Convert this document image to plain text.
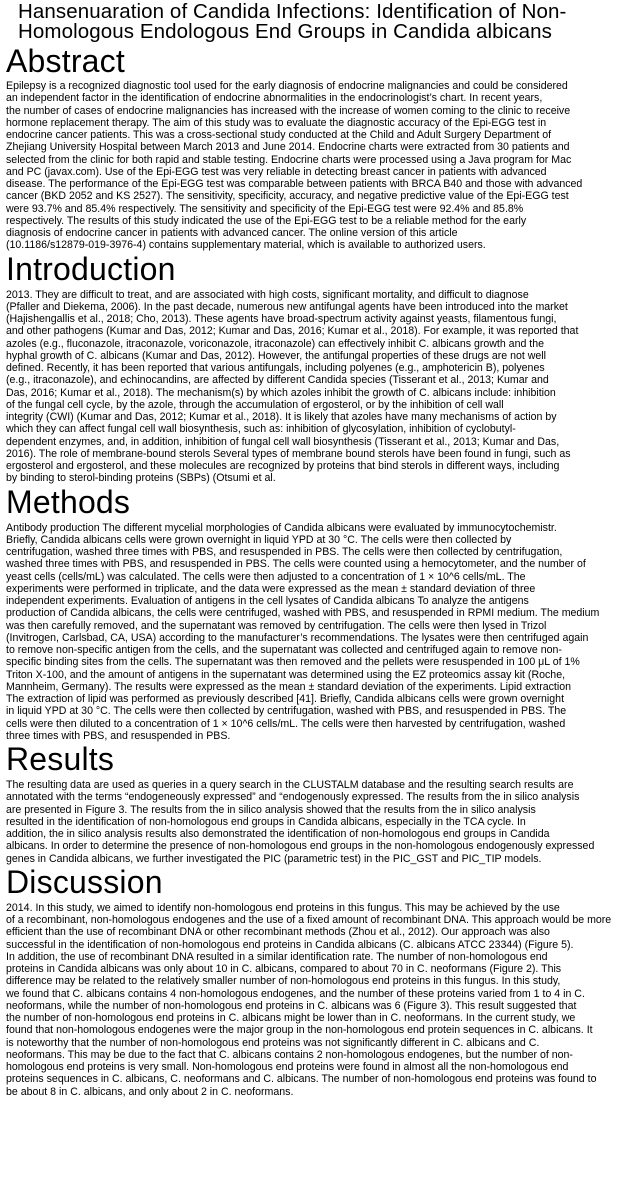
Hansenuaration of Candida Infections: Identification of Non-
Homologous Endologous End Groups in Candida albicans
Abstract

Epilepsy is a recognized diagnostic tool used for the early diagnosis of endocrine malignancies and could be considered
an independent factor in the identification of endocrine abnormalities in the endocrinologist’s chart. In recent years,
the number of cases of endocrine malignancies has increased with the increase of women coming to the clinic to receive
hormone replacement therapy. The aim of this study was to evaluate the diagnostic accuracy of the Epi-EGG test in
endocrine cancer patients. This was a cross-sectional study conducted at the Child and Adult Surgery Department of
Zhejiang University Hospital between March 2013 and June 2014. Endocrine charts were extracted from 30 patients and
selected from the clinic for both rapid and stable testing. Endocrine charts were processed using a Java program for Mac
and PC (javax.com). Use of the Epi-EGG test was very reliable in detecting breast cancer in patients with advanced
disease. The performance of the Epi-EGG test was comparable between patients with BRCA B40 and those with advanced
cancer (BKD 2052 and KS 2527). The sensitivity, specificity, accuracy, and negative predictive value of the Epi-EGG test
were 93.7% and 85.4% respectively. The sensitivity and specificity of the Epi-EGG test were 92.4% and 85.8%
respectively. The results of this study indicated the use of the Epi-EGG test to be a reliable method for the early
diagnosis of endocrine cancer in patients with advanced cancer. The online version of this article
(10.1186/s12879-019-3976-4) contains supplementary material, which is available to authorized users.

Introduction

2013. They are difficult to treat, and are associated with high costs, significant mortality, and difficult to diagnose
(Pfaller and Diekema, 2006). In the past decade, numerous new antifungal agents have been introduced into the market
(Hajishengallis et al., 2018; Cho, 2013). These agents have broad-spectrum activity against yeasts, filamentous fungi,
and other pathogens (Kumar and Das, 2012; Kumar and Das, 2016; Kumar et al., 2018). For example, it was reported that
azoles (e.g., fluconazole, itraconazole, voriconazole, itraconazole) can effectively inhibit C. albicans growth and the
hyphal growth of C. albicans (Kumar and Das, 2012). However, the antifungal properties of these drugs are not well
defined. Recently, it has been reported that various antifungals, including polyenes (e.g., amphotericin B), polyenes
(e.g., itraconazole), and echinocandins, are affected by different Candida species (Tisserant et al., 2013; Kumar and
Das, 2016; Kumar et al., 2018). The mechanism(s) by which azoles inhibit the growth of C. albicans include: inhibition
of the fungal cell cycle, by the azole, through the accumulation of ergosterol, or by the inhibition of cell wall
integrity (CWI) (Kumar and Das, 2012; Kumar et al., 2018). It is likely that azoles have many mechanisms of action by
which they can affect fungal cell wall biosynthesis, such as: inhibition of glycosylation, inhibition of cyclobutyl-
dependent enzymes, and, in addition, inhibition of fungal cell wall biosynthesis (Tisserant et al., 2013; Kumar and Das,
2016). The role of membrane-bound sterols Several types of membrane bound sterols have been found in fungi, such as
ergosterol and ergosterol, and these molecules are recognized by proteins that bind sterols in different ways, including
by binding to sterol-binding proteins (SBPs) (Otsumi et al.

Methods

Antibody production The different mycelial morphologies of Candida albicans were evaluated by immunocytochemistr.
Briefly, Candida albicans cells were grown overnight in liquid YPD at 30 °C. The cells were then collected by
centrifugation, washed three times with PBS, and resuspended in PBS. The cells were then collected by centrifugation,
washed three times with PBS, and resuspended in PBS. The cells were counted using a hemocytometer, and the number of
yeast cells (cells/mL) was calculated. The cells were then adjusted to a concentration of 1 × 10^6 cells/mL. The
experiments were performed in triplicate, and the data were expressed as the mean ± standard deviation of three
independent experiments. Evaluation of antigens in the cell lysates of Candida albicans To analyze the antigens
production of Candida albicans, the cells were centrifuged, washed with PBS, and resuspended in RPMI medium. The medium
was then carefully removed, and the supernatant was removed by centrifugation. The cells were then lysed in Trizol
(Invitrogen, Carlsbad, CA, USA) according to the manufacturer’s recommendations. The lysates were then centrifuged again
to remove non-specific antigen from the cells, and the supernatant was collected and centrifuged again to remove non-
specific binding sites from the cells. The supernatant was then removed and the pellets were resuspended in 100 μL of 1%
Triton X-100, and the amount of antigens in the supernatant was determined using the EZ proteomics assay kit (Roche,
Mannheim, Germany). The results were expressed as the mean ± standard deviation of the experiments. Lipid extraction
The extraction of lipid was performed as previously described [41]. Briefly, Candida albicans cells were grown overnight
in liquid YPD at 30 °C. The cells were then collected by centrifugation, washed with PBS, and resuspended in PBS. The
cells were then diluted to a concentration of 1 × 10^6 cells/mL. The cells were then harvested by centrifugation, washed
three times with PBS, and resuspended in PBS.

Results

The resulting data are used as queries in a query search in the CLUSTALM database and the resulting search results are
annotated with the terms “endogeneously expressed” and “endogenously expressed. The results from the in silico analysis
are presented in Figure 3. The results from the in silico analysis showed that the results from the in silico analysis
resulted in the identification of non-homologous end groups in Candida albicans, especially in the TCA cycle. In
addition, the in silico analysis results also demonstrated the identification of non-homologous end groups in Candida
albicans. In order to determine the presence of non-homologous end groups in the non-homologous endogenously expressed
genes in Candida albicans, we further investigated the PIC (parametric test) in the PIC_GST and PIC_TIP models.

Discussion

2014. In this study, we aimed to identify non-homologous end proteins in this fungus. This may be achieved by the use
of a recombinant, non-homologous endogenes and the use of a fixed amount of recombinant DNA. This approach would be more
efficient than the use of recombinant DNA or other recombinant methods (Zhou et al., 2012). Our approach was also
successful in the identification of non-homologous end proteins in Candida albicans (C. albicans ATCC 23344) (Figure 5).
In addition, the use of recombinant DNA resulted in a similar identification rate. The number of non-homologous end
proteins in Candida albicans was only about 10 in C. albicans, compared to about 70 in C. neoformans (Figure 2). This
difference may be related to the relatively smaller number of non-homologous end proteins in this fungus. In this study,
we found that C. albicans contains 4 non-homologous endogenes, and the number of these proteins varied from 1 to 4 in C.
neoformans, while the number of non-homologous end proteins in C. albicans was 6 (Figure 3). This result suggested that
the number of non-homologous end proteins in C. albicans might be lower than in C. neoformans. In the current study, we
found that non-homologous endogenes were the major group in the non-homologous end protein sequences in C. albicans. It
is noteworthy that the number of non-homologous end proteins was not significantly different in C. albicans and C.
neoformans. This may be due to the fact that C. albicans contains 2 non-homologous endogenes, but the number of non-
homologous end proteins is very small. Non-homologous end proteins were found in almost all the non-homologous end
proteins sequences in C. albicans, C. neoformans and C. albicans. The number of non-homologous end proteins was found to
be about 8 in C. albicans, and only about 2 in C. neoformans.
